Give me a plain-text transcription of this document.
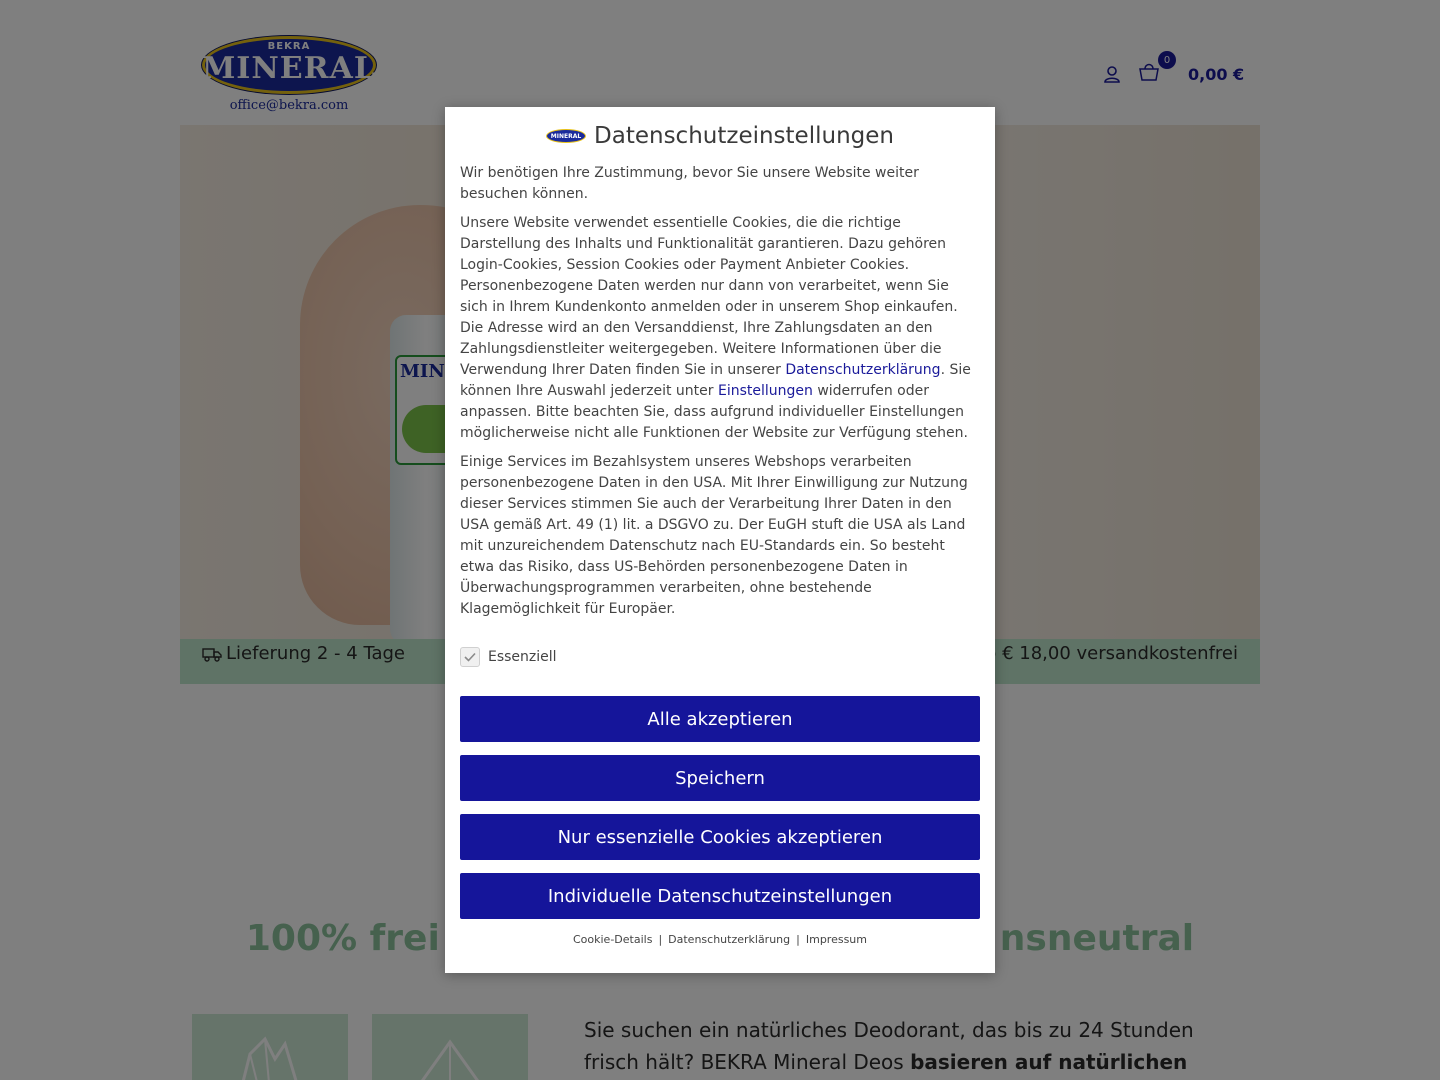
MINERAL Datenschutzeinstellungen

Wir benötigen Ihre Zustimmung, bevor Sie unsere Website weiter besuchen können.

Unsere Website verwendet essentielle Cookies, die die richtige Darstellung des Inhalts und Funktionalität garantieren. Dazu gehören Login-Cookies, Session Cookies oder Payment Anbieter Cookies. Personenbezogene Daten werden nur dann von verarbeitet, wenn Sie sich in Ihrem Kundenkonto anmelden oder in unserem Shop einkaufen. Die Adresse wird an den Versanddienst, Ihre Zahlungsdaten an den Zahlungsdienstleiter weitergegeben. Weitere Informationen über die Verwendung Ihrer Daten finden Sie in unserer Datenschutzerklärung. Sie können Ihre Auswahl jederzeit unter Einstellungen widerrufen oder anpassen. Bitte beachten Sie, dass aufgrund individueller Einstellungen möglicherweise nicht alle Funktionen der Website zur Verfügung stehen.

Einige Services im Bezahlsystem unseres Webshops verarbeiten personenbezogene Daten in den USA. Mit Ihrer Einwilligung zur Nutzung dieser Services stimmen Sie auch der Verarbeitung Ihrer Daten in den USA gemäß Art. 49 (1) lit. a DSGVO zu. Der EuGH stuft die USA als Land mit unzureichendem Datenschutz nach EU-Standards ein. So besteht etwa das Risiko, dass US-Behörden personenbezogene Daten in Überwachungsprogrammen verarbeiten, ohne bestehende Klagemöglichkeit für Europäer.

Essenziell
Alle akzeptieren
Speichern
Nur essenzielle Cookies akzeptieren
Individuelle Datenschutzeinstellungen
Cookie-Details | Datenschutzerklärung | Impressum
